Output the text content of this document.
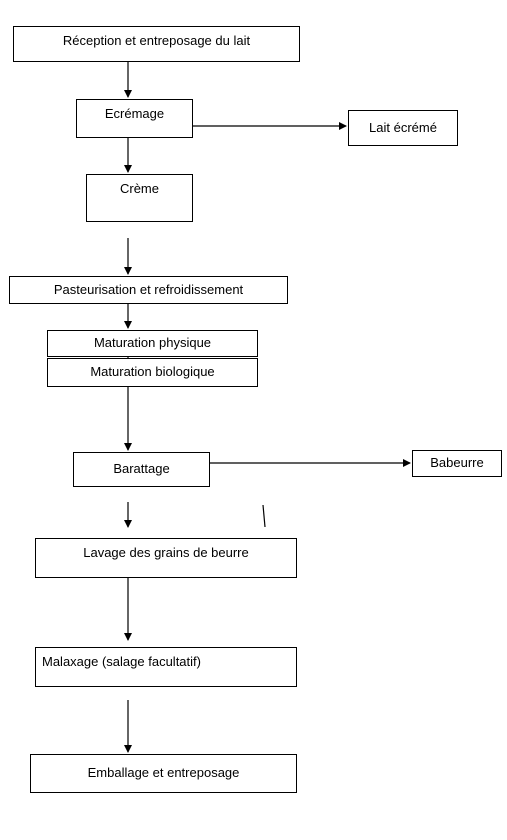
Réception et entreposage du lait
Ecrémage
Lait écrémé
Crème
Pasteurisation et refroidissement
Maturation physique
Maturation biologique
Barattage	Babeurre
Lavage des grains de beurre
Malaxage (salage facultatif)
Emballage et entreposage
